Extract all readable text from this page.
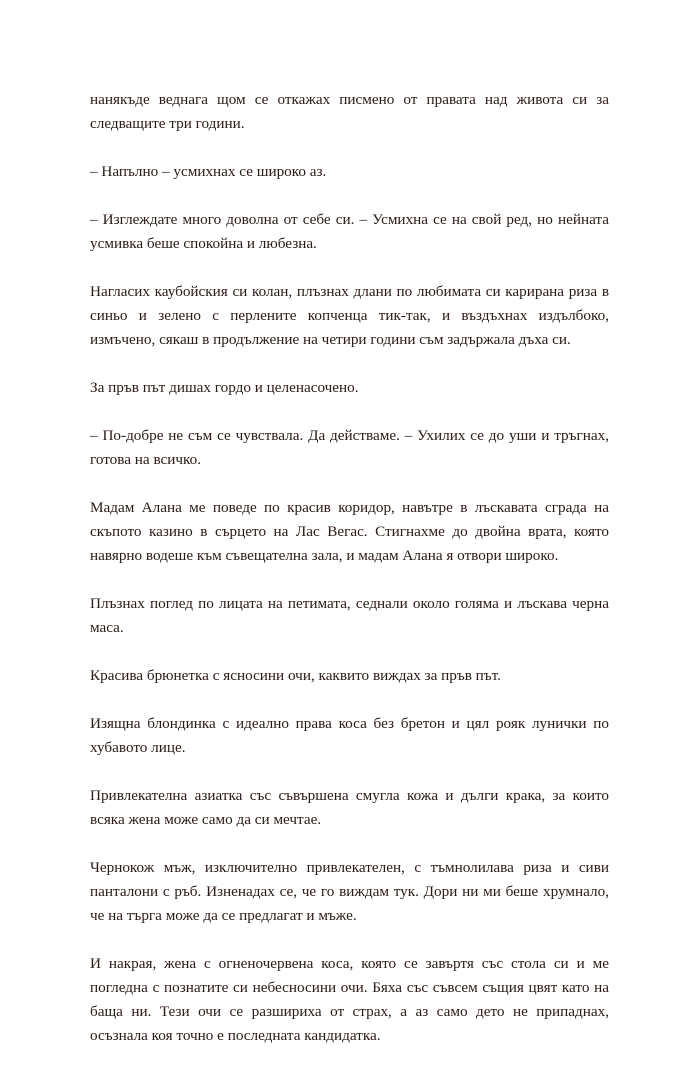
нанякъде веднага щом се откажах писмено от правата над живота си за следващите три години.

– Напълно – усмихнах се широко аз.

– Изглеждате много доволна от себе си. – Усмихна се на свой ред, но нейната усмивка беше спокойна и любезна.

Нагласих каубойския си колан, плъзнах длани по любимата си карирана риза в синьо и зелено с перлените копченца тик-так, и въздъхнах издълбоко, измъчено, сякаш в продължение на четири години съм задържала дъха си.

За пръв път дишах гордо и целенасочено.

– По-добре не съм се чувствала. Да действаме. – Ухилих се до уши и тръгнах, готова на всичко.

Мадам Алана ме поведе по красив коридор, навътре в лъскавата сграда на скъпото казино в сърцето на Лас Вегас. Стигнахме до двойна врата, която навярно водеше към съвещателна зала, и мадам Алана я отвори широко.

Плъзнах поглед по лицата на петимата, седнали около голяма и лъскава черна маса.

Красива брюнетка с ясносини очи, каквито виждах за пръв път.

Изящна блондинка с идеално права коса без бретон и цял рояк лунички по хубавото лице.

Привлекателна азиатка със съвършена смугла кожа и дълги крака, за които всяка жена може само да си мечтае.

Чернокож мъж, изключително привлекателен, с тъмнолилава риза и сиви панталони с ръб. Изненадах се, че го виждам тук. Дори ни ми беше хрумнало, че на търга може да се предлагат и мъже.

И накрая, жена с огненочервена коса, която се завъртя със стола си и ме погледна с познатите си небесносини очи. Бяха със съвсем същия цвят като на баща ни. Тези очи се разшириха от страх, а аз само дето не припаднах, осъзнала коя точно е последната кандидатка.
